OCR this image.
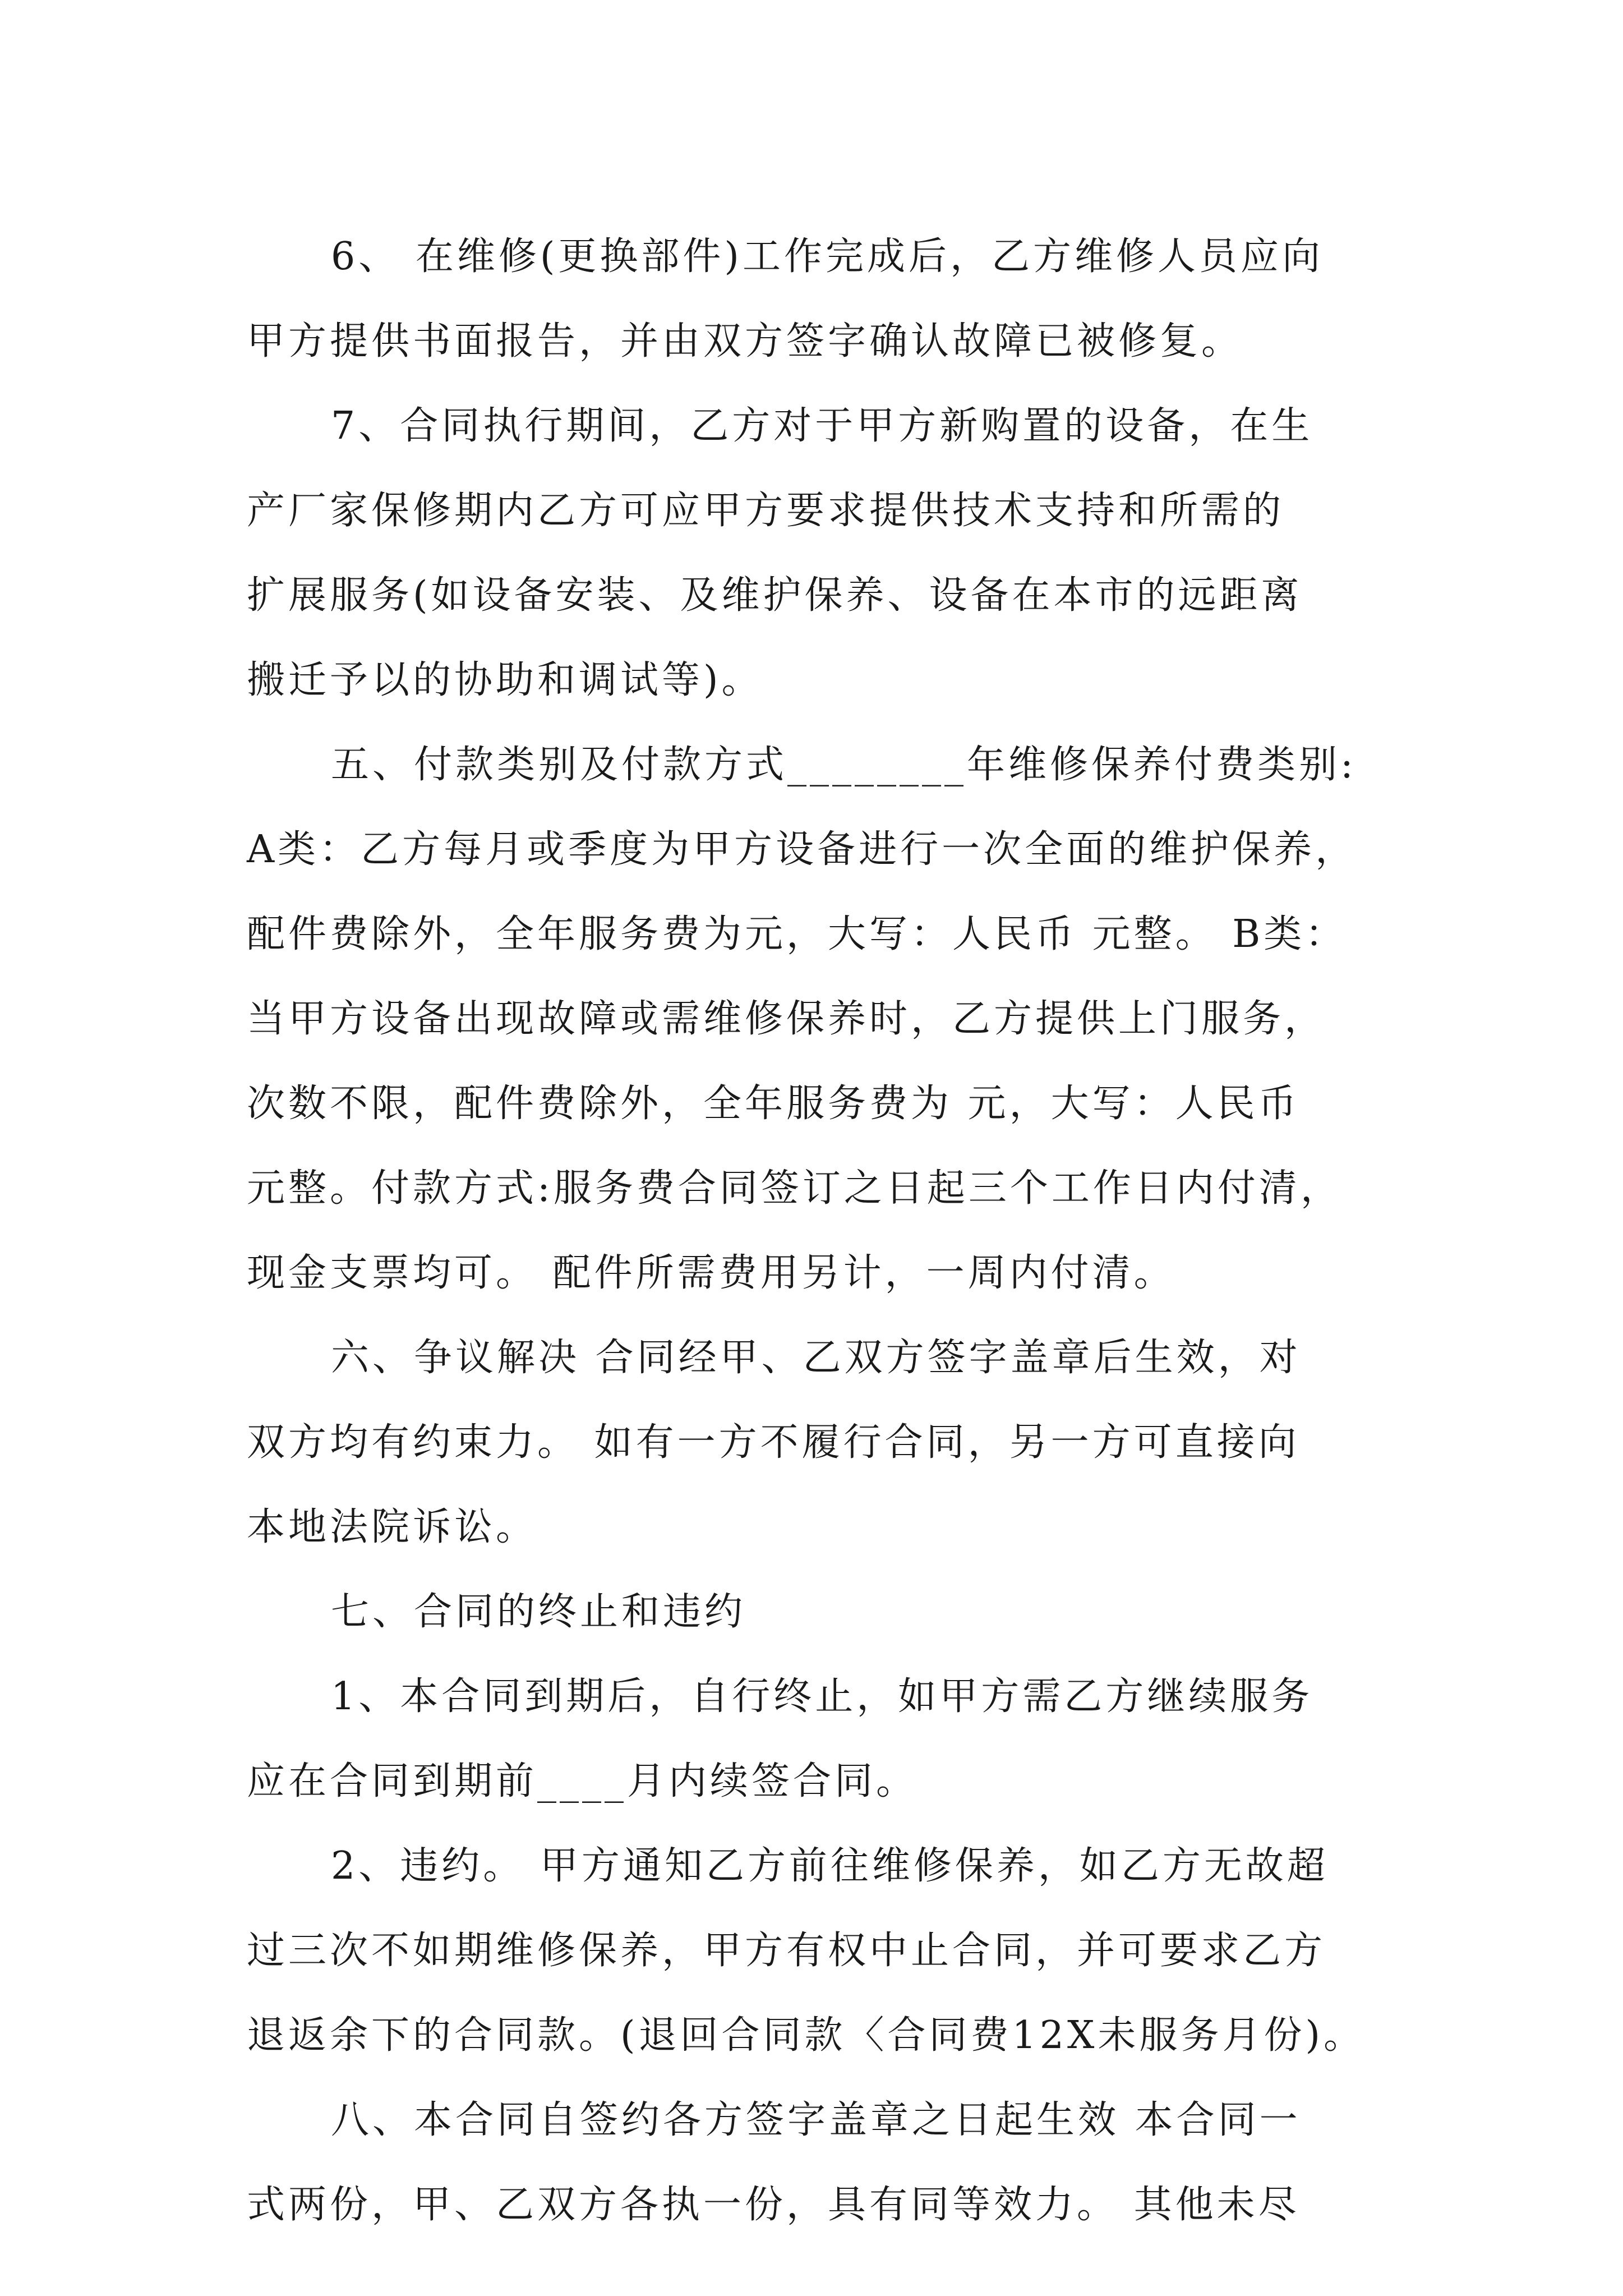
6、 在维修(更换部件)工作完成后，乙方维修人员应向
甲方提供书面报告，并由双方签字确认故障已被修复。
7、合同执行期间，乙方对于甲方新购置的设备，在生
产厂家保修期内乙方可应甲方要求提供技术支持和所需的
扩展服务(如设备安装、及维护保养、设备在本市的远距离
搬迁予以的协助和调试等)。
五、付款类别及付款方式________年维修保养付费类别:
A类：乙方每月或季度为甲方设备进行一次全面的维护保养，
配件费除外，全年服务费为元，大写：人民币 元整。 B类：
当甲方设备出现故障或需维修保养时，乙方提供上门服务，
次数不限，配件费除外，全年服务费为 元，大写：人民币
元整。付款方式:服务费合同签订之日起三个工作日内付清，
现金支票均可。 配件所需费用另计，一周内付清。
六、争议解决 合同经甲、乙双方签字盖章后生效，对
双方均有约束力。 如有一方不履行合同，另一方可直接向
本地法院诉讼。
七、合同的终止和违约
1、本合同到期后，自行终止，如甲方需乙方继续服务
应在合同到期前____月内续签合同。
2、违约。 甲方通知乙方前往维修保养，如乙方无故超
过三次不如期维修保养，甲方有权中止合同，并可要求乙方
退返余下的合同款。(退回合同款〈合同费12X未服务月份)。
八、本合同自签约各方签字盖章之日起生效 本合同一
式两份，甲、乙双方各执一份，具有同等效力。 其他未尽
